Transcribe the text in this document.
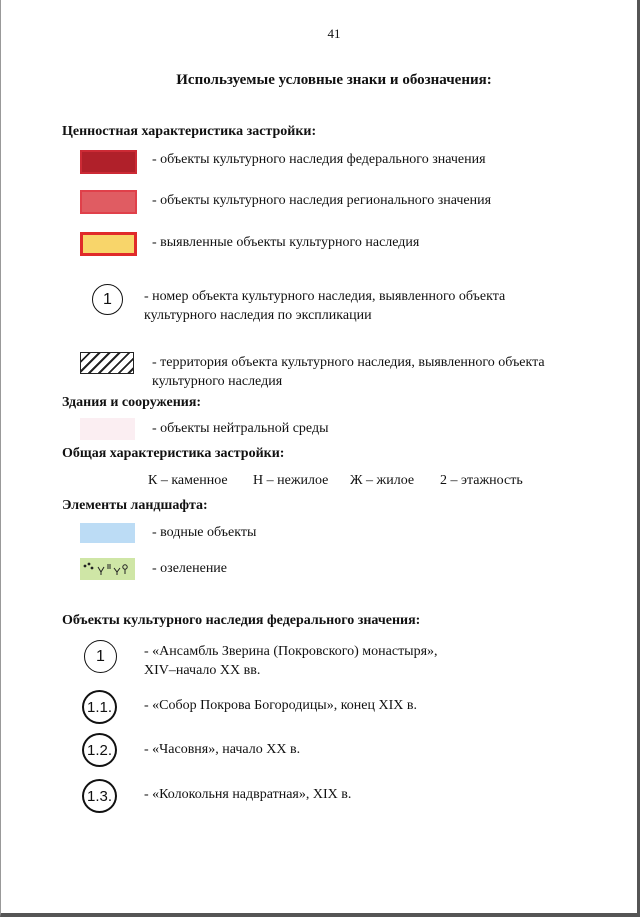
41
Используемые условные знаки и обозначения:
Ценностная характеристика застройки:
- объекты культурного наследия федерального значения
- объекты культурного наследия регионального значения
- выявленные объекты культурного наследия
1 - номер объекта культурного наследия, выявленного объекта
культурного наследия по экспликации
- территория объекта культурного наследия, выявленного объекта
культурного наследия
Здания и сооружения:
- объекты нейтральной среды
Общая характеристика застройки:
К – каменное Н – нежилое Ж – жилое 2 – этажность
Элементы ландшафта:
- водные объекты
- озеленение
Объекты культурного наследия федерального значения:
1	- «Ансамбль Зверина (Покровского) монастыря»,
XIV–начало XX вв.
1.1. - «Собор Покрова Богородицы», конец XIX в.
1.2. - «Часовня», начало XX в.
1.3. - «Колокольня надвратная», XIX в.
